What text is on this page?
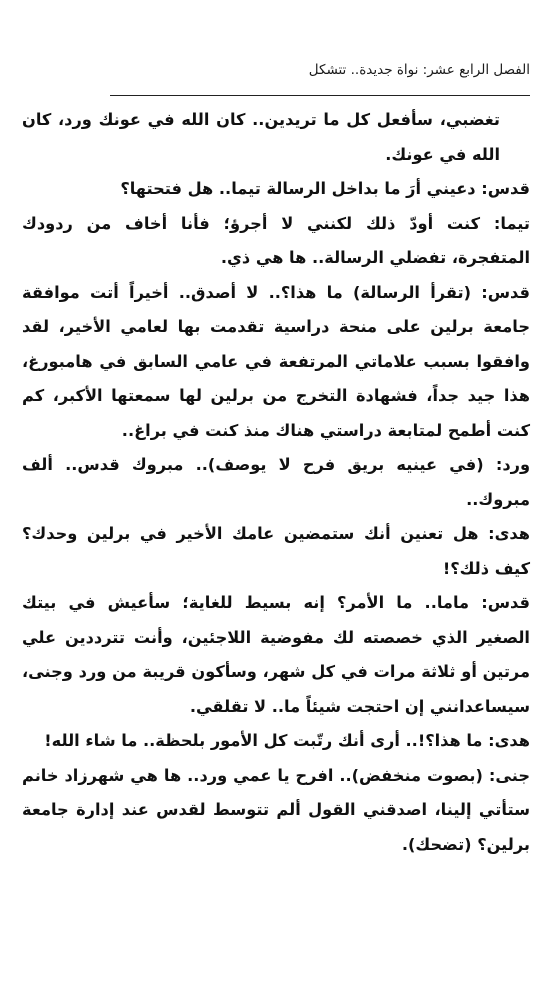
الفصل الرابع عشر: نواة جديدة.. تتشكل

تغضبي، سأفعل كل ما تريدين.. كان الله في عونك ورد، كان الله في عونك.

قدس: دعيني أرَ ما بداخل الرسالة تيما.. هل فتحتها؟

تيما: كنت أودّ ذلك لكنني لا أجرؤ؛ فأنا أخاف من ردودك المتفجرة، تفضلي الرسالة.. ها هي ذي.

قدس: (تقرأ الرسالة) ما هذا؟.. لا أصدق.. أخيراً أتت موافقة جامعة برلين على منحة دراسية تقدمت بها لعامي الأخير، لقد وافقوا بسبب علاماتي المرتفعة في عامي السابق في هامبورغ، هذا جيد جداً، فشهادة التخرج من برلين لها سمعتها الأكبر، كم كنت أطمح لمتابعة دراستي هناك منذ كنت في براغ..

ورد: (في عينيه بريق فرح لا يوصف).. مبروك قدس.. ألف مبروك..

هدى: هل تعنين أنك ستمضين عامك الأخير في برلين وحدك؟ كيف ذلك؟!

قدس: ماما.. ما الأمر؟ إنه بسيط للغاية؛ سأعيش في بيتك الصغير الذي خصصته لك مفوضية اللاجئين، وأنت تترددين علي مرتين أو ثلاثة مرات في كل شهر، وسأكون قريبة من ورد وجنى، سيساعدانني إن احتجت شيئاً ما.. لا تقلقي.

هدى: ما هذا؟!.. أرى أنك رتّبت كل الأمور بلحظة.. ما شاء الله!

جنى: (بصوت منخفض).. افرح يا عمي ورد.. ها هي شهرزاد خانم ستأتي إلينا، اصدقني القول ألم تتوسط لقدس عند إدارة جامعة برلين؟ (تضحك).
